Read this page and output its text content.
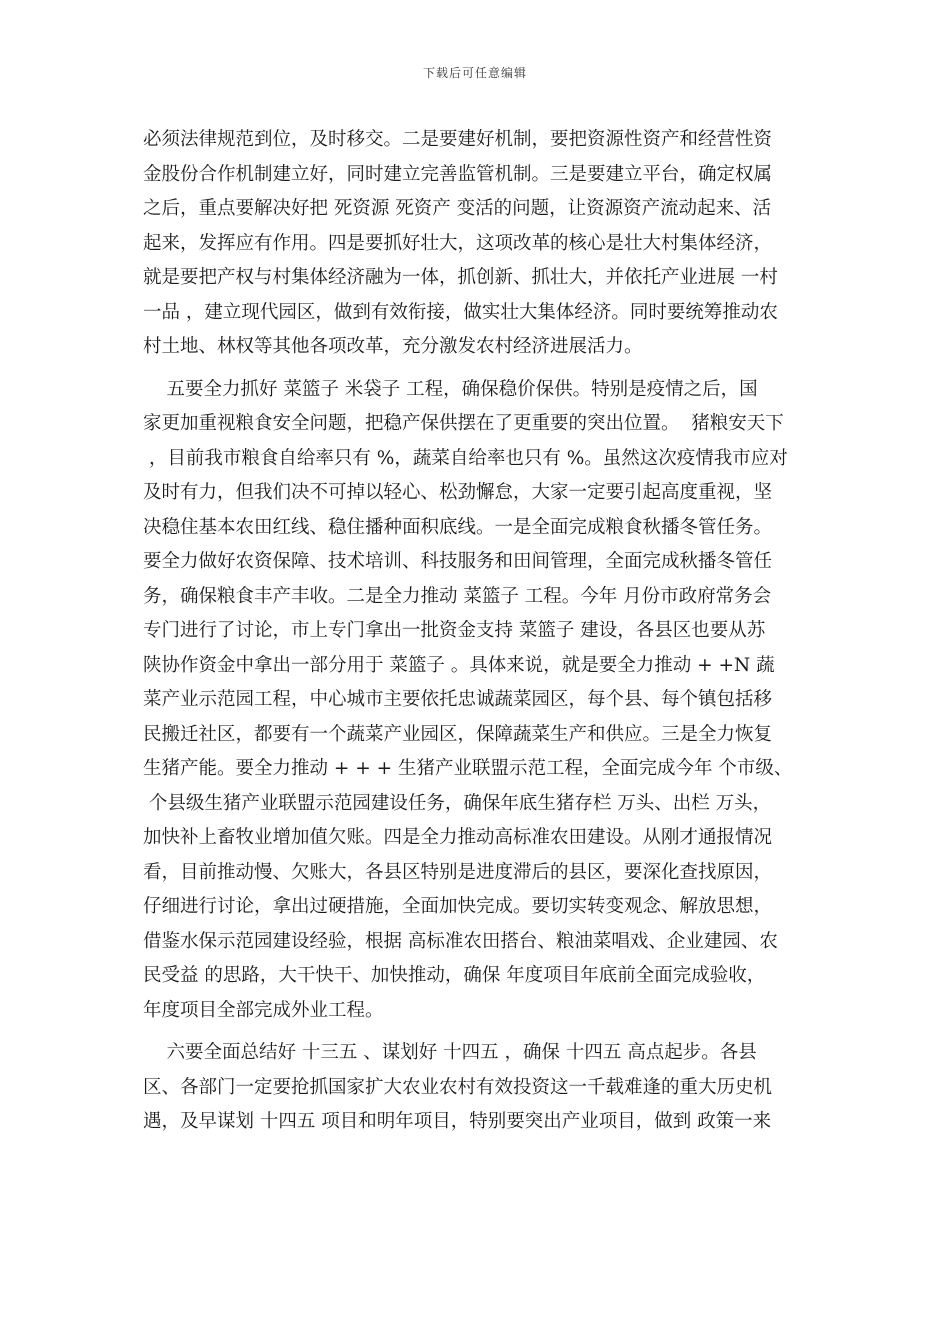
下载后可任意编辑
必须法律规范到位，及时移交。二是要建好机制，要把资源性资产和经营性资
金股份合作机制建立好，同时建立完善监管机制。三是要建立平台，确定权属
之后，重点要解决好把 死资源 死资产 变活的问题，让资源资产流动起来、活
起来，发挥应有作用。四是要抓好壮大，这项改革的核心是壮大村集体经济，
就是要把产权与村集体经济融为一体，抓创新、抓壮大，并依托产业进展 一村
一品 ，建立现代园区，做到有效衔接，做实壮大集体经济。同时要统筹推动农
村土地、林权等其他各项改革，充分激发农村经济进展活力。
五要全力抓好 菜篮子 米袋子 工程，确保稳价保供。特别是疫情之后，国
家更加重视粮食安全问题，把稳产保供摆在了更重要的突出位置。  猪粮安天下
，目前我市粮食自给率只有 %，蔬菜自给率也只有 %。虽然这次疫情我市应对
及时有力，但我们决不可掉以轻心、松劲懈怠，大家一定要引起高度重视，坚
决稳住基本农田红线、稳住播种面积底线。一是全面完成粮食秋播冬管任务。
要全力做好农资保障、技术培训、科技服务和田间管理，全面完成秋播冬管任
务，确保粮食丰产丰收。二是全力推动 菜篮子 工程。今年 月份市政府常务会
专门进行了讨论，市上专门拿出一批资金支持 菜篮子 建设，各县区也要从苏
陕协作资金中拿出一部分用于 菜篮子 。具体来说，就是要全力推动 + +N 蔬
菜产业示范园工程，中心城市主要依托忠诚蔬菜园区，每个县、每个镇包括移
民搬迁社区，都要有一个蔬菜产业园区，保障蔬菜生产和供应。三是全力恢复
生猪产能。要全力推动 + + + 生猪产业联盟示范工程，全面完成今年 个市级、
个县级生猪产业联盟示范园建设任务，确保年底生猪存栏 万头、出栏 万头，
加快补上畜牧业增加值欠账。四是全力推动高标准农田建设。从刚才通报情况
看，目前推动慢、欠账大，各县区特别是进度滞后的县区，要深化查找原因，
仔细进行讨论，拿出过硬措施，全面加快完成。要切实转变观念、解放思想，
借鉴水保示范园建设经验，根据 高标准农田搭台、粮油菜唱戏、企业建园、农
民受益 的思路，大干快干、加快推动，确保 年度项目年底前全面完成验收，
年度项目全部完成外业工程。
六要全面总结好 十三五 、谋划好 十四五 ，确保 十四五 高点起步。各县
区、各部门一定要抢抓国家扩大农业农村有效投资这一千载难逢的重大历史机
遇，及早谋划 十四五 项目和明年项目，特别要突出产业项目，做到 政策一来
